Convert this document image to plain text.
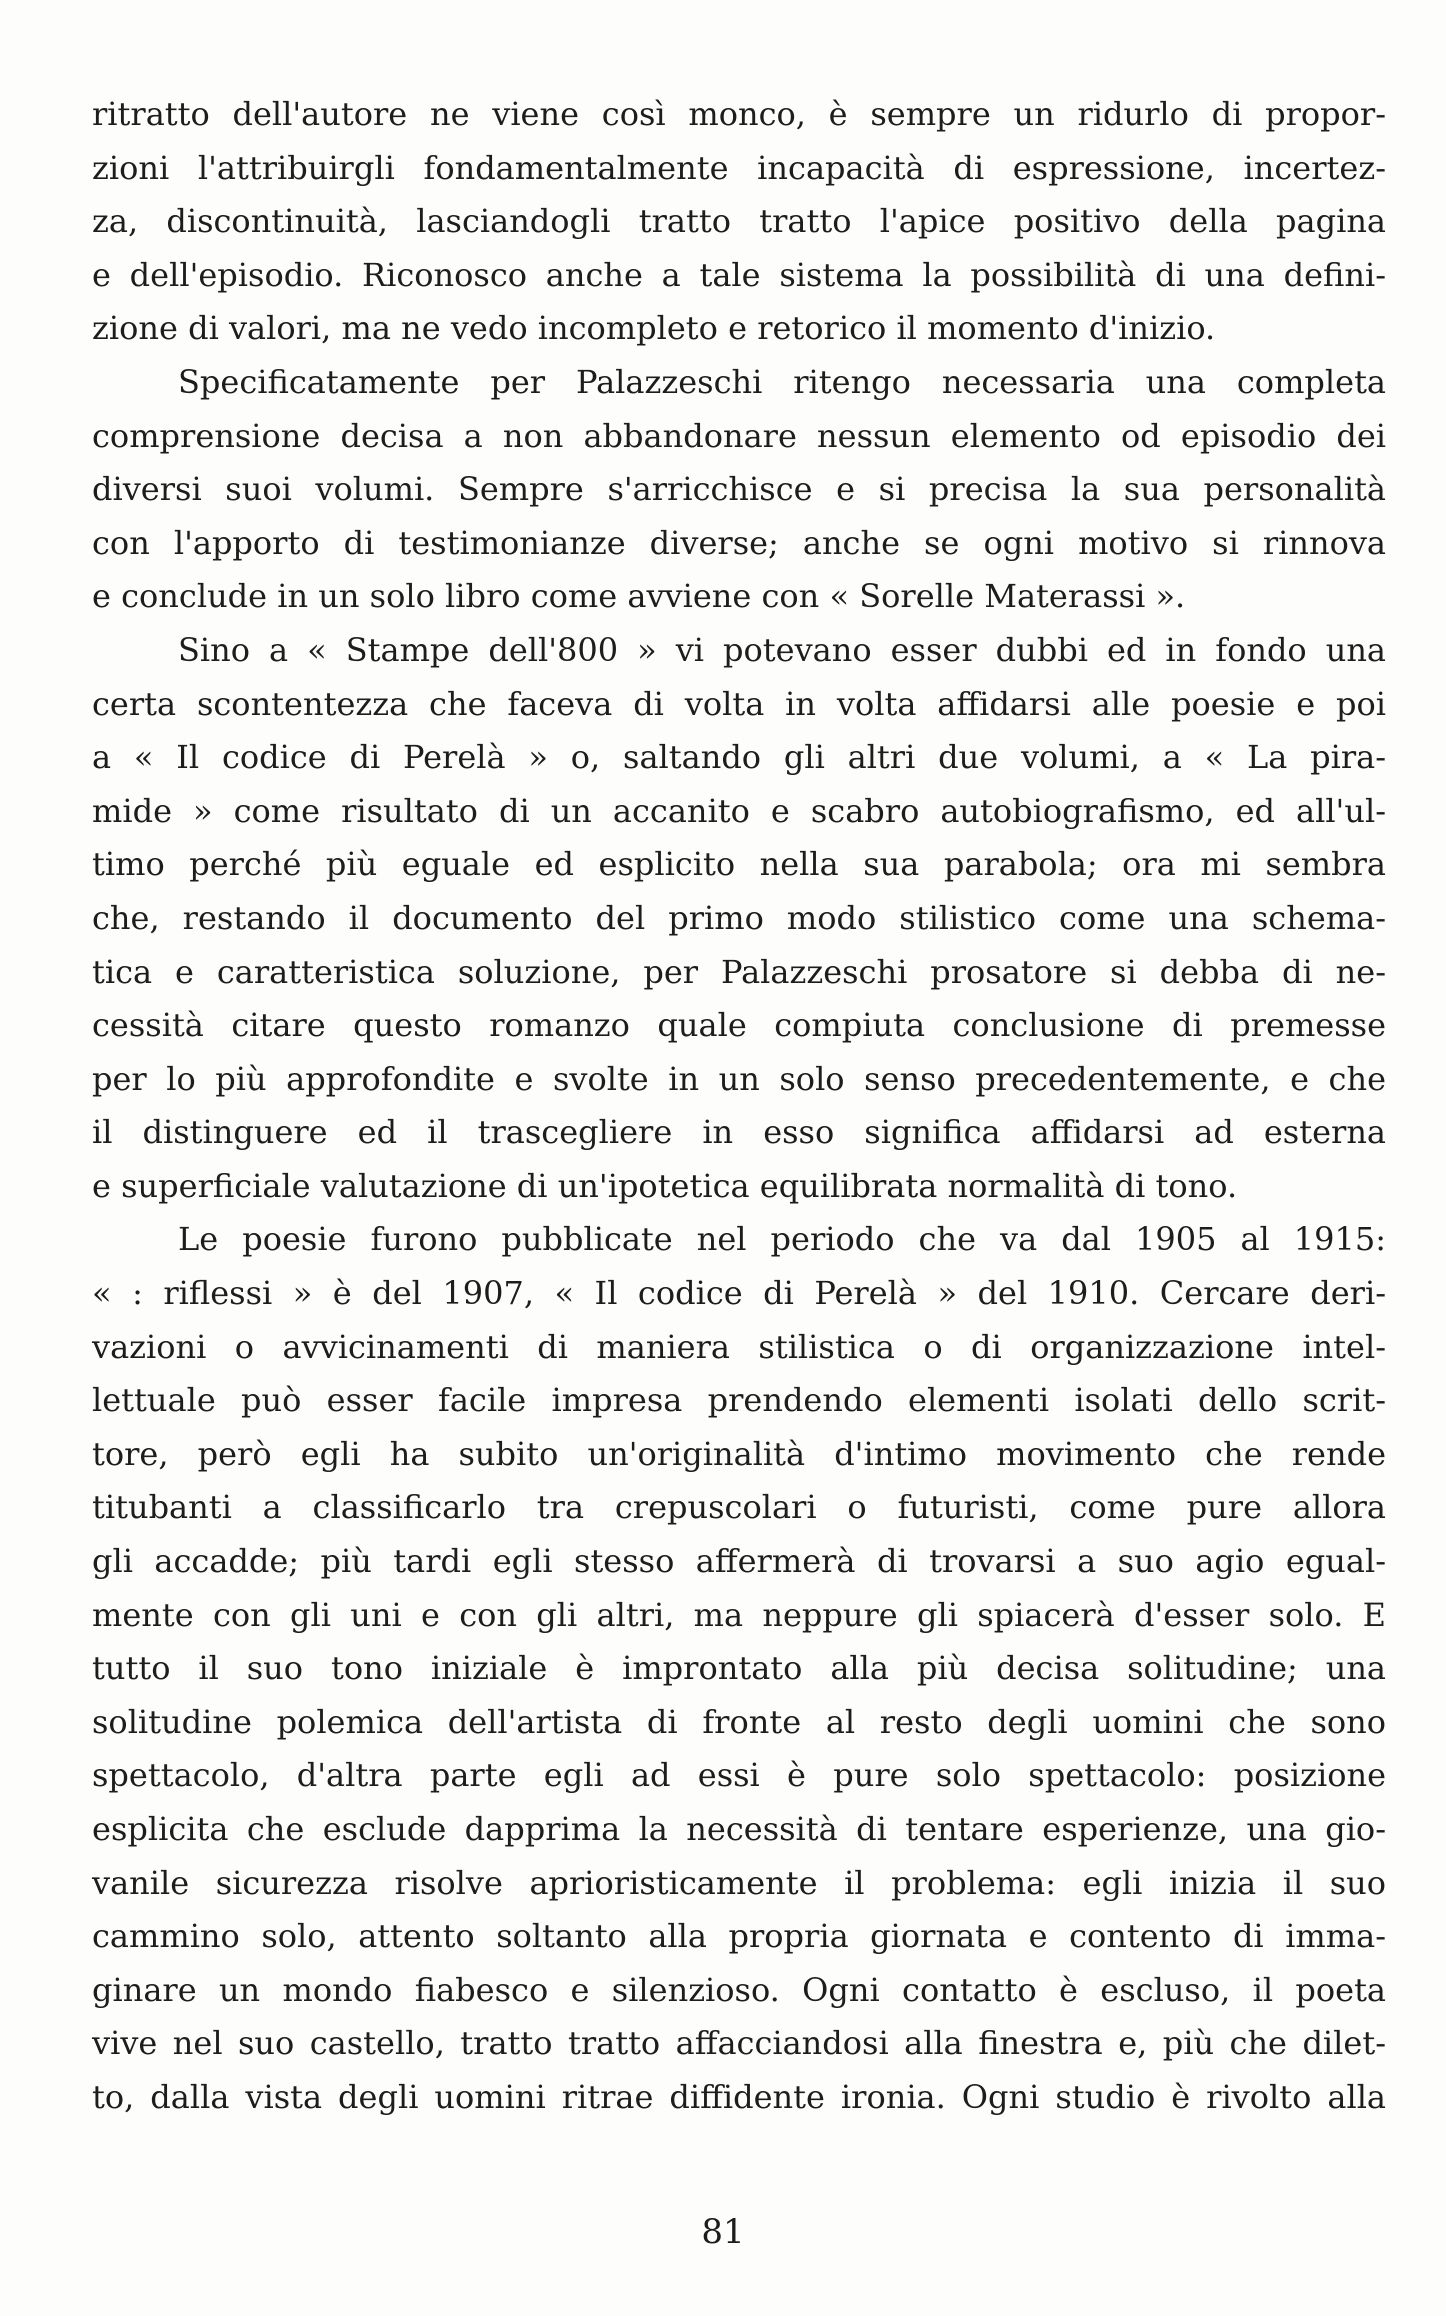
ritratto dell'autore ne viene così monco, è sempre un ridurlo di propor-
zioni l'attribuirgli fondamentalmente incapacità di espressione, incertez-
za, discontinuità, lasciandogli tratto tratto l'apice positivo della pagina
e dell'episodio. Riconosco anche a tale sistema la possibilità di una defini-
zione di valori, ma ne vedo incompleto e retorico il momento d'inizio.
Specificatamente per Palazzeschi ritengo necessaria una completa
comprensione decisa a non abbandonare nessun elemento od episodio dei
diversi suoi volumi. Sempre s'arricchisce e si precisa la sua personalità
con l'apporto di testimonianze diverse; anche se ogni motivo si rinnova
e conclude in un solo libro come avviene con « Sorelle Materassi ».
Sino a « Stampe dell'800 » vi potevano esser dubbi ed in fondo una
certa scontentezza che faceva di volta in volta affidarsi alle poesie e poi
a « Il codice di Perelà » o, saltando gli altri due volumi, a « La pira-
mide » come risultato di un accanito e scabro autobiografismo, ed all'ul-
timo perché più eguale ed esplicito nella sua parabola; ora mi sembra
che, restando il documento del primo modo stilistico come una schema-
tica e caratteristica soluzione, per Palazzeschi prosatore si debba di ne-
cessità citare questo romanzo quale compiuta conclusione di premesse
per lo più approfondite e svolte in un solo senso precedentemente, e che
il distinguere ed il trascegliere in esso significa affidarsi ad esterna
e superficiale valutazione di un'ipotetica equilibrata normalità di tono.
Le poesie furono pubblicate nel periodo che va dal 1905 al 1915:
« : riflessi » è del 1907, « Il codice di Perelà » del 1910. Cercare deri-
vazioni o avvicinamenti di maniera stilistica o di organizzazione intel-
lettuale può esser facile impresa prendendo elementi isolati dello scrit-
tore, però egli ha subito un'originalità d'intimo movimento che rende
titubanti a classificarlo tra crepuscolari o futuristi, come pure allora
gli accadde; più tardi egli stesso affermerà di trovarsi a suo agio egual-
mente con gli uni e con gli altri, ma neppure gli spiacerà d'esser solo. E
tutto il suo tono iniziale è improntato alla più decisa solitudine; una
solitudine polemica dell'artista di fronte al resto degli uomini che sono
spettacolo, d'altra parte egli ad essi è pure solo spettacolo: posizione
esplicita che esclude dapprima la necessità di tentare esperienze, una gio-
vanile sicurezza risolve aprioristicamente il problema: egli inizia il suo
cammino solo, attento soltanto alla propria giornata e contento di imma-
ginare un mondo fiabesco e silenzioso. Ogni contatto è escluso, il poeta
vive nel suo castello, tratto tratto affacciandosi alla finestra e, più che dilet-
to, dalla vista degli uomini ritrae diffidente ironia. Ogni studio è rivolto alla
81
